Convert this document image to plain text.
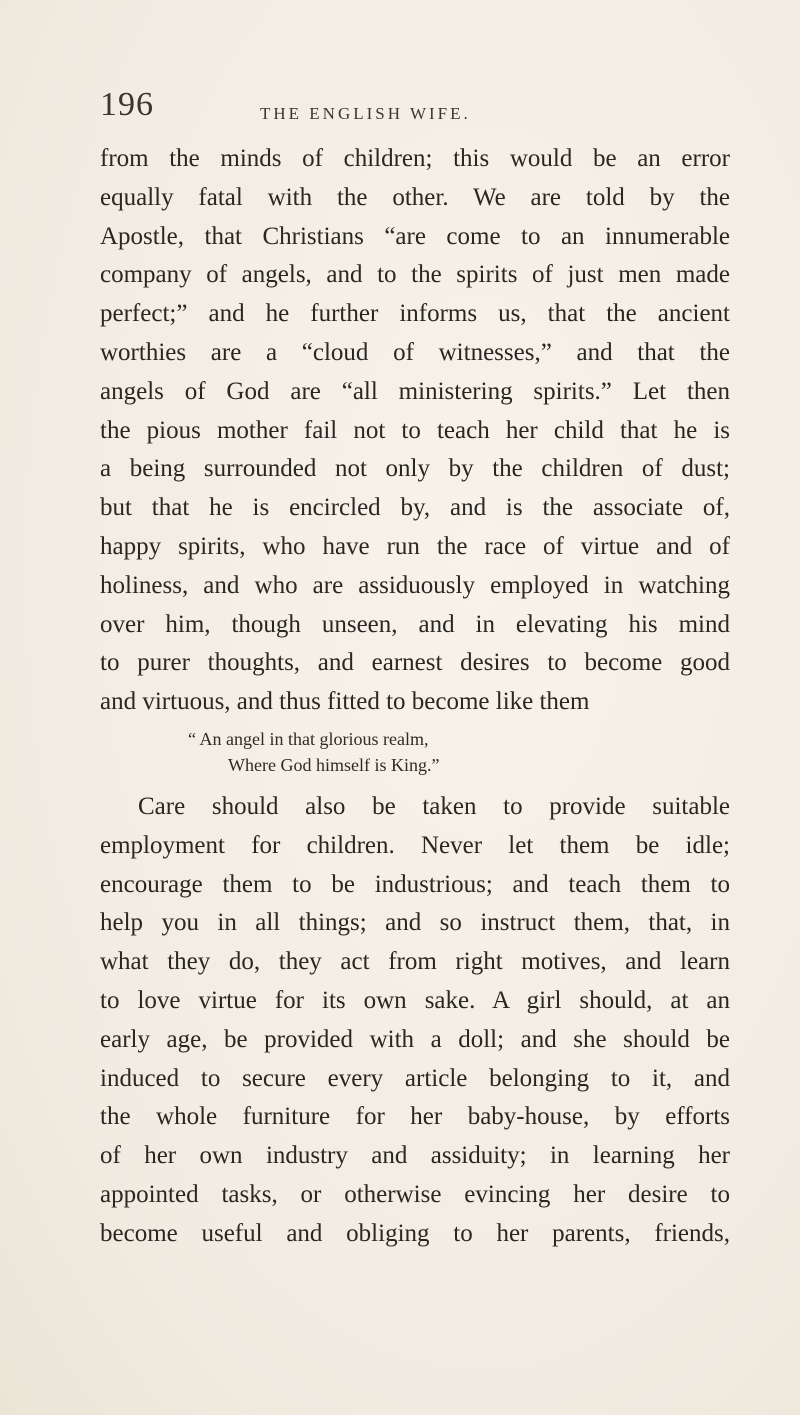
196	THE ENGLISH WIFE.
from the minds of children; this would be an error
equally fatal with the other. We are told by the
Apostle, that Christians “are come to an innumerable
company of angels, and to the spirits of just men made
perfect;” and he further informs us, that the ancient
worthies are a “cloud of witnesses,” and that the
angels of God are “all ministering spirits.” Let then
the pious mother fail not to teach her child that he is
a being surrounded not only by the children of dust;
but that he is encircled by, and is the associate of,
happy spirits, who have run the race of virtue and of
holiness, and who are assiduously employed in watching
over him, though unseen, and in elevating his mind
to purer thoughts, and earnest desires to become good
and virtuous, and thus fitted to become like them
“ An angel in that glorious realm,
Where God himself is King.”
Care should also be taken to provide suitable
employment for children. Never let them be idle;
encourage them to be industrious; and teach them to
help you in all things; and so instruct them, that, in
what they do, they act from right motives, and learn
to love virtue for its own sake. A girl should, at an
early age, be provided with a doll; and she should be
induced to secure every article belonging to it, and
the whole furniture for her baby-house, by efforts
of her own industry and assiduity; in learning her
appointed tasks, or otherwise evincing her desire to
become useful and obliging to her parents, friends,
